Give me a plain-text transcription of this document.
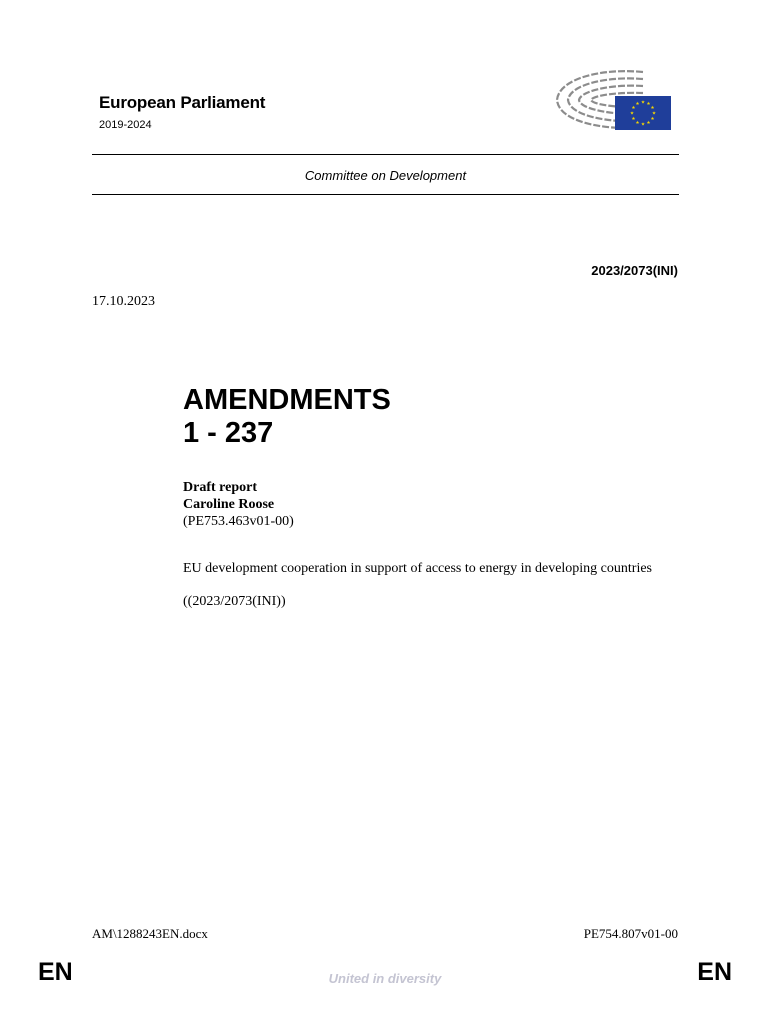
European Parliament
2019-2024
Committee on Development
2023/2073(INI)
17.10.2023
AMENDMENTS
1 - 237
Draft report
Caroline Roose
(PE753.463v01-00)
EU development cooperation in support of access to energy in developing countries
((2023/2073(INI))
AM\1288243EN.docx	PE754.807v01-00
EN	EN
United in diversity
